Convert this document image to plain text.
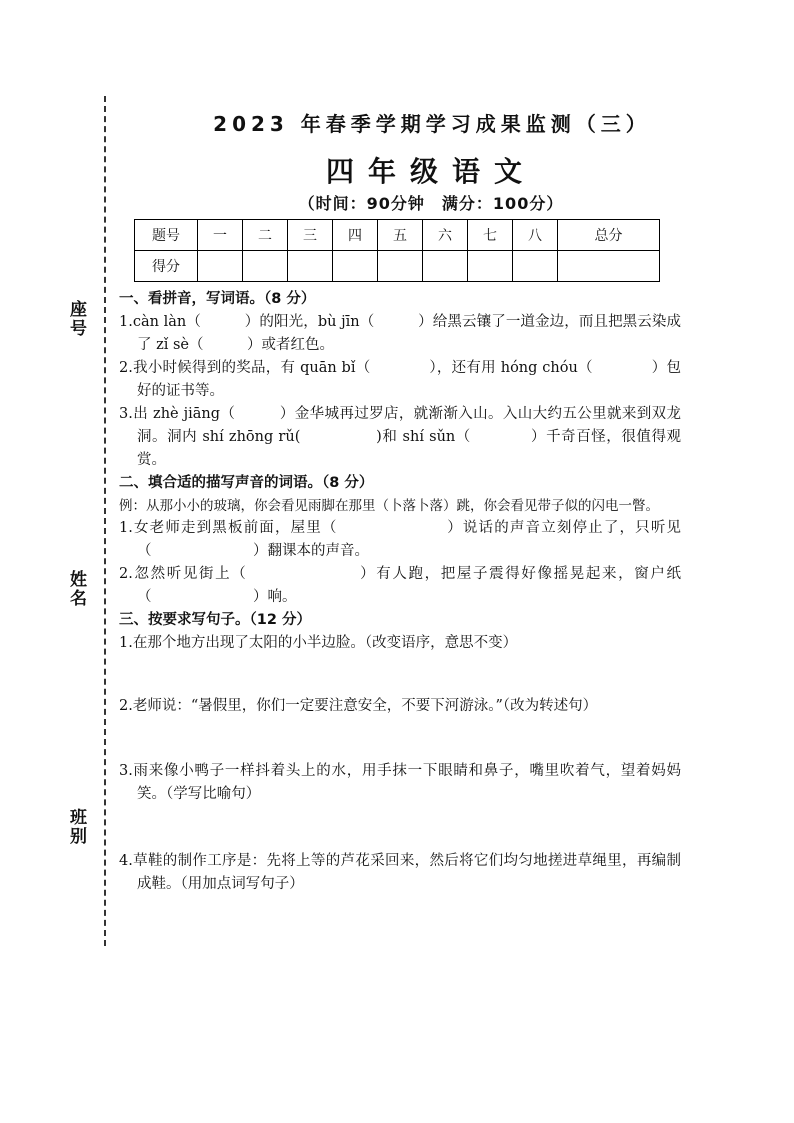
座号
姓名
班别
2023 年春季学期学习成果监测（三）
四年级语文
（时间：90分钟　满分：100分）
题号	一	二	三	四	五	六	七	八	总分
得分									

一、看拼音，写词语。（8 分）

1.càn làn（　　　）的阳光，bù jīn（　　　）给黑云镶了一道金边，而且把黑云染成了 zǐ sè（　　　）或者红色。

2.我小时候得到的奖品，有 quān bǐ（　　　　），还有用 hóng chóu（　　　　）包好的证书等。

3.出 zhè jiāng（　　　）金华城再过罗店，就渐渐入山。入山大约五公里就来到双龙洞。洞内 shí zhōng rǔ(　　　　　)和 shí sǔn（　　　　）千奇百怪，很值得观赏。

二、填合适的描写声音的词语。（8 分）

例：从那小小的玻璃，你会看见雨脚在那里（卜落卜落）跳，你会看见带子似的闪电一瞥。

1.女老师走到黑板前面，屋里（　　　　　　　）说话的声音立刻停止了，只听见（　　　　　　　）翻课本的声音。

2.忽然听见街上（　　　　　　　）有人跑，把屋子震得好像摇晃起来，窗户纸（　　　　　　　）响。

三、按要求写句子。（12 分）

1.在那个地方出现了太阳的小半边脸。（改变语序，意思不变）

2.老师说：“暑假里，你们一定要注意安全，不要下河游泳。”（改为转述句）

3.雨来像小鸭子一样抖着头上的水，用手抹一下眼睛和鼻子，嘴里吹着气，望着妈妈笑。（学写比喻句）

4.草鞋的制作工序是：先将上等的芦花采回来，然后将它们均匀地搓进草绳里，再编制成鞋。（用加点词写句子）
